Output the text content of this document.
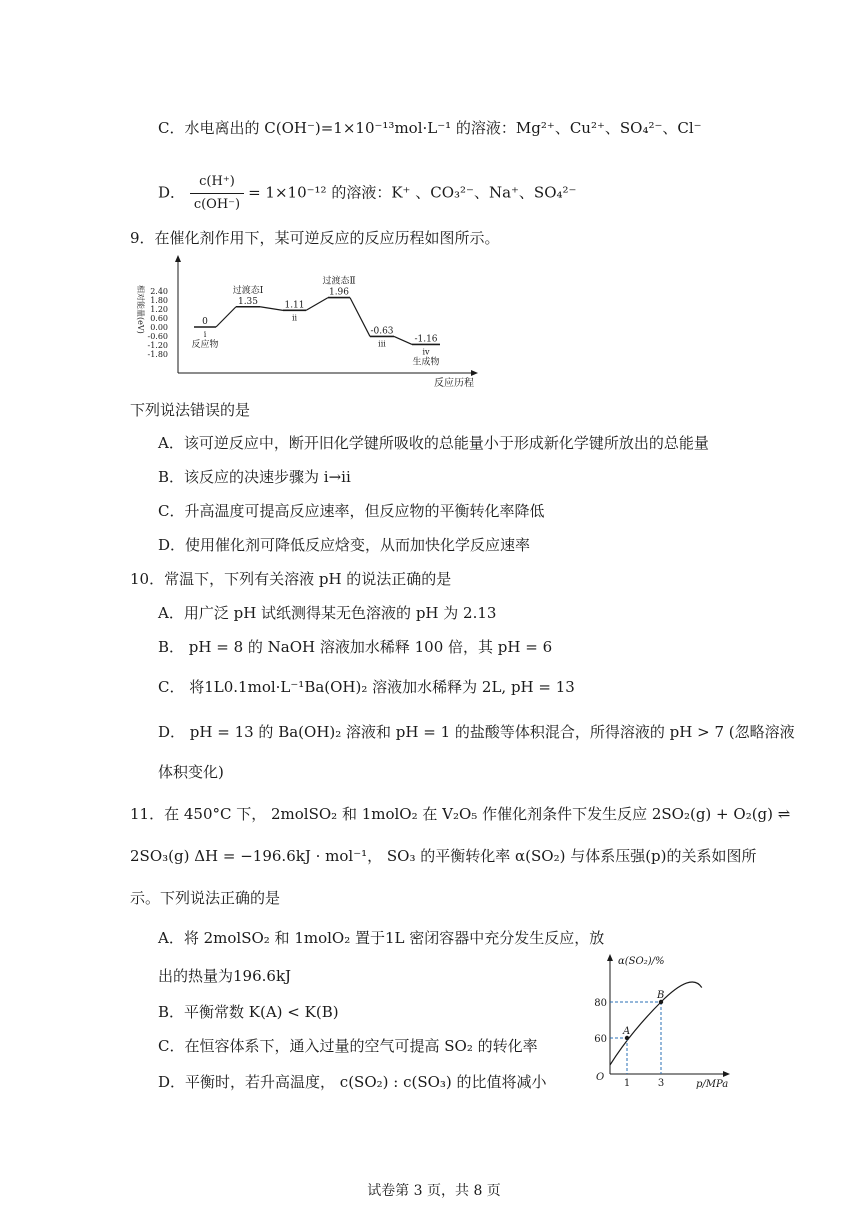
C．水电离出的 C(OH⁻)=1×10⁻¹³mol·L⁻¹ 的溶液：Mg²⁺、Cu²⁺、SO₄²⁻、Cl⁻
D． $\frac{c(H^+)}{c(OH^-)} = 1\times 10^{-12}$ 的溶液：K⁺ 、CO₃²⁻、Na⁺、SO₄²⁻
9．在催化剂作用下，某可逆反应的反应历程如图所示。
2.40
1.80
1.20
0.60
0.00
-0.60
-1.20
-1.80
相对能量(eV)
反应历程
0
i
反应物
1.35
过渡态Ⅰ
1.11
ii
1.96
过渡态Ⅱ
-0.63
iii	-1.16
iv
生成物
下列说法错误的是
A．该可逆反应中，断开旧化学键所吸收的总能量小于形成新化学键所放出的总能量
B．该反应的决速步骤为 i→ii
C．升高温度可提高反应速率，但反应物的平衡转化率降低
D．使用催化剂可降低反应焓变，从而加快化学反应速率
10．常温下，下列有关溶液 pH 的说法正确的是
A．用广泛 pH 试纸测得某无色溶液的 pH 为 2.13
B． pH = 8 的 NaOH 溶液加水稀释 100 倍，其 pH = 6
C． 将1L0.1mol·L⁻¹Ba(OH)₂ 溶液加水稀释为 2L, pH = 13
D． pH = 13 的 Ba(OH)₂ 溶液和 pH = 1 的盐酸等体积混合，所得溶液的 pH > 7 (忽略溶液
体积变化)
11．在 450°C 下， 2molSO₂ 和 1molO₂ 在 V₂O₅ 作催化剂条件下发生反应 2SO₂(g) + O₂(g) ⇌
2SO₃(g) ΔH = −196.6kJ · mol⁻¹， SO₃ 的平衡转化率 α(SO₂) 与体系压强(p)的关系如图所
示。下列说法正确的是
A．将 2molSO₂ 和 1molO₂ 置于1L 密闭容器中充分发生反应，放
出的热量为196.6kJ
B．平衡常数 K(A) < K(B)
C．在恒容体系下，通入过量的空气可提高 SO₂ 的转化率
D．平衡时，若升高温度， c(SO₂) : c(SO₃) 的比值将减小
α(SO₂)/%
p/MPa
O
A
1
B
3
80
60
试卷第 3 页，共 8 页
